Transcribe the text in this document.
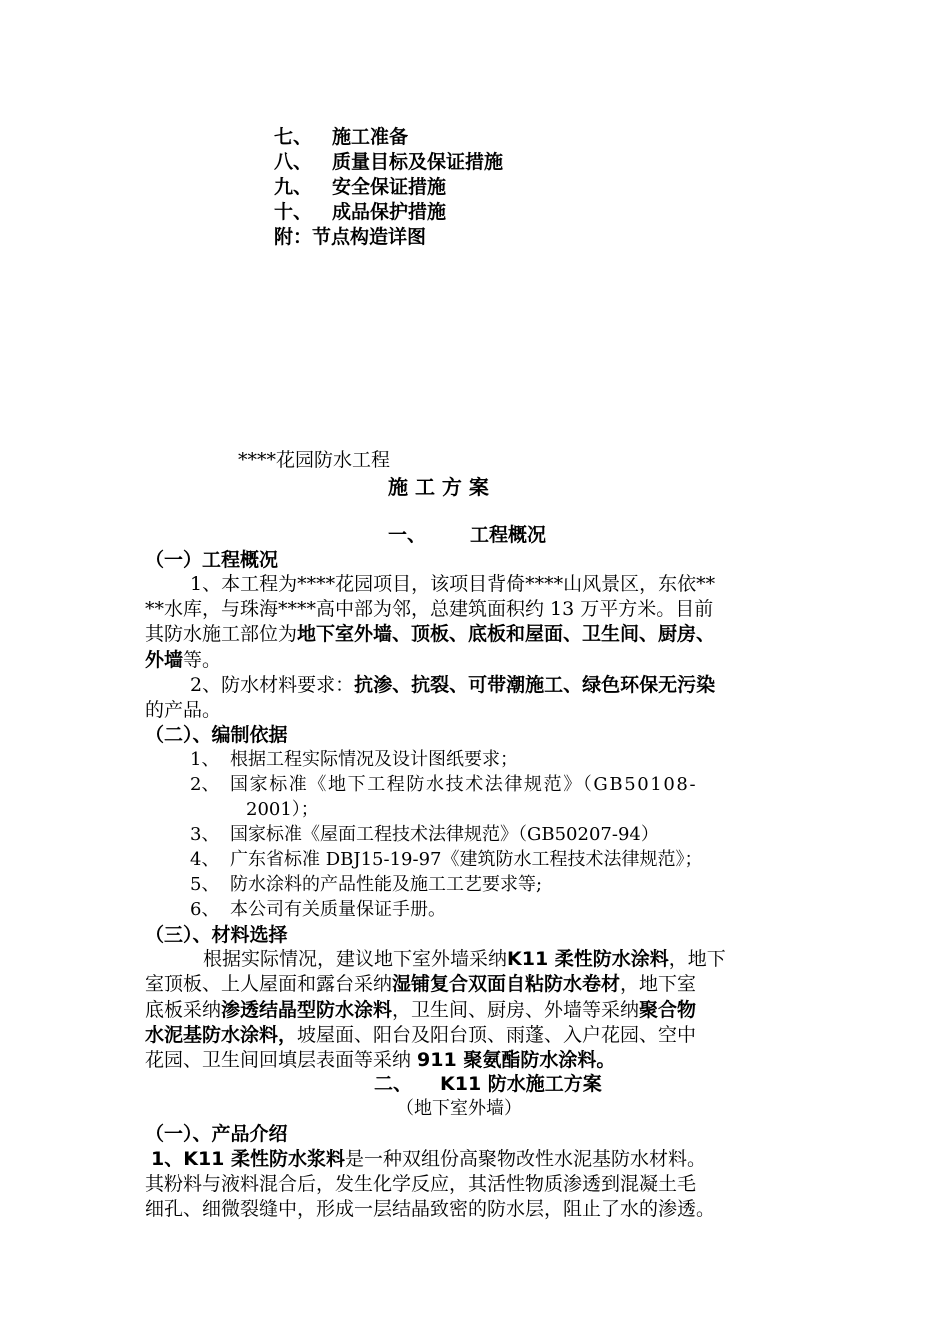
七、 施工准备
八、 质量目标及保证措施
九、 安全保证措施
十、 成品保护措施
附：节点构造详图
****花园防水工程
施 工 方 案
一、 工程概况
（一）工程概况
1、本工程为****花园项目，该项目背倚****山风景区，东依**
**水库，与珠海****高中部为邻，总建筑面积约 13 万平方米。目前
其防水施工部位为地下室外墙、顶板、底板和屋面、卫生间、厨房、
外墙等。
2、防水材料要求：抗渗、抗裂、可带潮施工、绿色环保无污染
的产品。
（二）、编制依据
1、 根据工程实际情况及设计图纸要求；
2、 国家标准《地下工程防水技术法律规范》（GB50108-
2001）；
3、 国家标准《屋面工程技术法律规范》（GB50207-94）
4、 广东省标准 DBJ15-19-97《建筑防水工程技术法律规范》；
5、 防水涂料的产品性能及施工工艺要求等;
6、 本公司有关质量保证手册。
（三）、材料选择
根据实际情况，建议地下室外墙采纳K11 柔性防水涂料，地下
室顶板、上人屋面和露台采纳湿铺复合双面自粘防水卷材，地下室
底板采纳渗透结晶型防水涂料，卫生间、厨房、外墙等采纳聚合物
水泥基防水涂料，坡屋面、阳台及阳台顶、雨蓬、入户花园、空中
花园、卫生间回填层表面等采纳 911 聚氨酯防水涂料。
二、 K11 防水施工方案
（地下室外墙）
（一）、产品介绍
1、K11 柔性防水浆料是一种双组份高聚物改性水泥基防水材料。
其粉料与液料混合后，发生化学反应，其活性物质渗透到混凝土毛
细孔、细微裂缝中，形成一层结晶致密的防水层，阻止了水的渗透。
